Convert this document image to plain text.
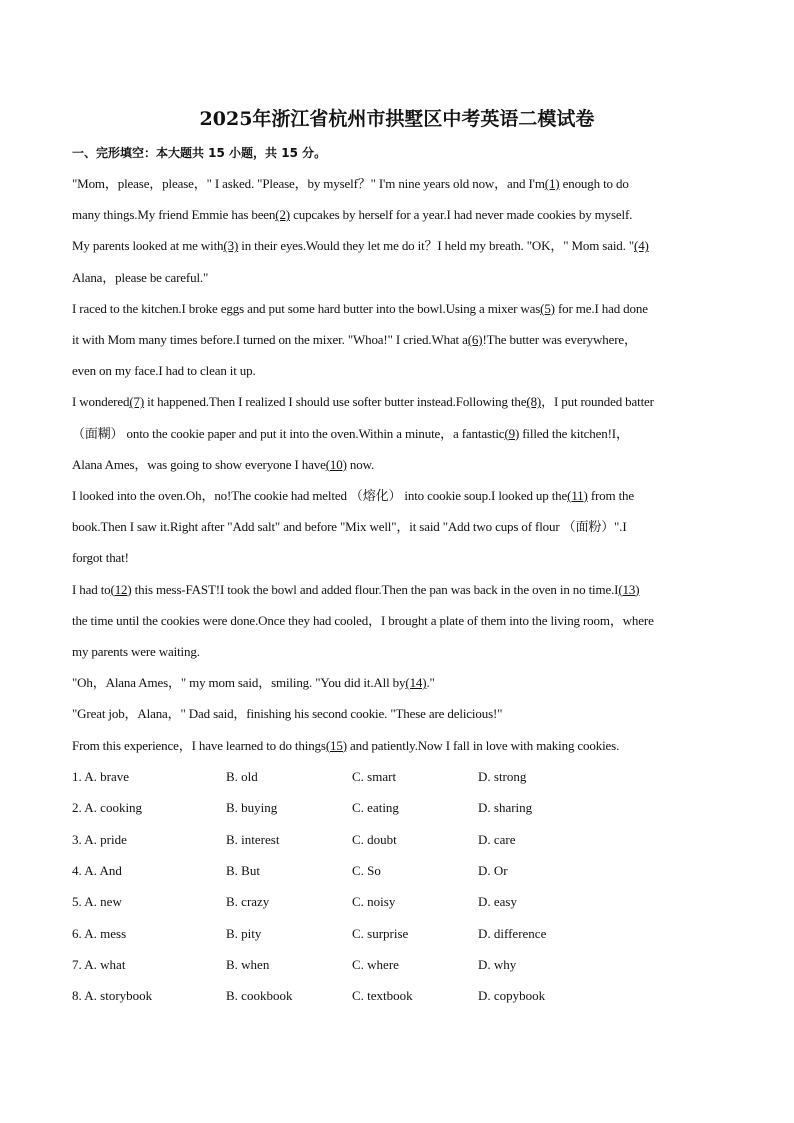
2025年浙江省杭州市拱墅区中考英语二模试卷
一、完形填空：本大题共 15 小题，共 15 分。
"Mom，please，please，" I asked. "Please，by myself？" I'm nine years old now，and I'm(1) enough to do
many things.My friend Emmie has been(2) cupcakes by herself for a year.I had never made cookies by myself.
My parents looked at me with(3) in their eyes.Would they let me do it？I held my breath. "OK，" Mom said. "(4)
Alana，please be careful."
I raced to the kitchen.I broke eggs and put some hard butter into the bowl.Using a mixer was(5) for me.I had done
it with Mom many times before.I turned on the mixer. "Whoa!" I cried.What a(6)!The butter was everywhere，
even on my face.I had to clean it up.
I wondered(7) it happened.Then I realized I should use softer butter instead.Following the(8)，I put rounded batter
（面糊） onto the cookie paper and put it into the oven.Within a minute，a fantastic(9) filled the kitchen!I，
Alana Ames，was going to show everyone I have(10) now.
I looked into the oven.Oh，no!The cookie had melted （熔化） into cookie soup.I looked up the(11) from the
book.Then I saw it.Right after "Add salt" and before "Mix well"，it said "Add two cups of flour （面粉）".I
forgot that!
I had to(12) this mess-FAST!I took the bowl and added flour.Then the pan was back in the oven in no time.I(13)
the time until the cookies were done.Once they had cooled，I brought a plate of them into the living room，where
my parents were waiting.
"Oh，Alana Ames，" my mom said，smiling. "You did it.All by(14)."
"Great job，Alana，" Dad said，finishing his second cookie. "These are delicious!"
From this experience，I have learned to do things(15) and patiently.Now I fall in love with making cookies.
1. A. brave	B. old	C. smart	D. strong
2. A. cooking	B. buying	C. eating	D. sharing
3. A. pride	B. interest	C. doubt	D. care
4. A. And	B. But	C. So	D. Or
5. A. new	B. crazy	C. noisy	D. easy
6. A. mess	B. pity	C. surprise	D. difference
7. A. what	B. when	C. where	D. why
8. A. storybook	B. cookbook	C. textbook	D. copybook
